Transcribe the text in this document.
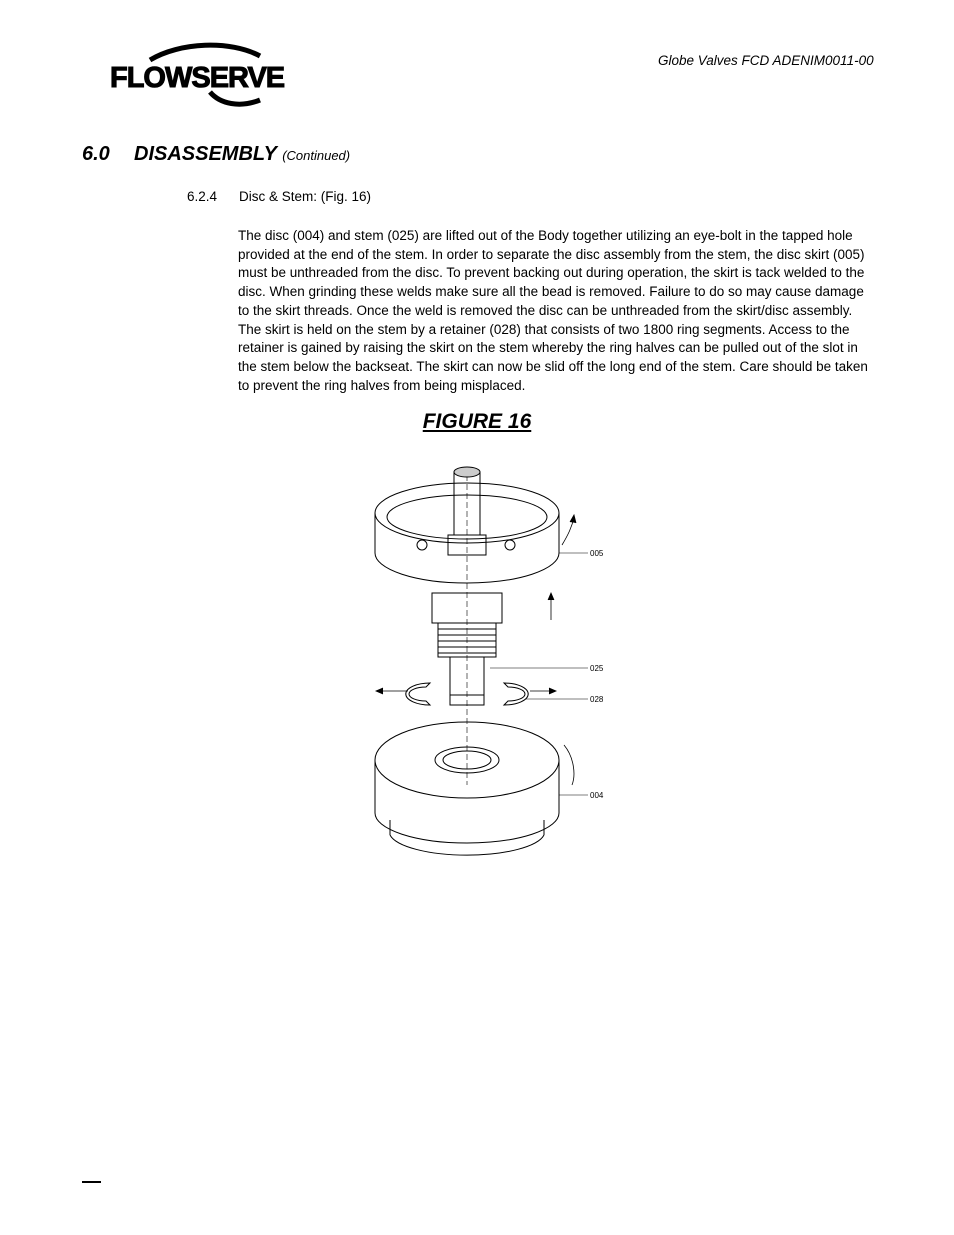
FLOWSERVE
Globe Valves FCD ADENIM0011-00
6.0 DISASSEMBLY (Continued)
6.2.4 Disc & Stem: (Fig. 16)
The disc (004) and stem (025) are lifted out of the Body together utilizing an eye-bolt in the tapped hole provided at the end of the stem. In order to separate the disc assembly from the stem, the disc skirt (005) must be unthreaded from the disc. To prevent backing out during operation, the skirt is tack welded to the disc. When grinding these welds make sure all the bead is removed. Failure to do so may cause damage to the skirt threads. Once the weld is removed the disc can be unthreaded from the skirt/disc assembly. The skirt is held on the stem by a retainer (028) that consists of two 1800 ring segments. Access to the retainer is gained by raising the skirt on the stem whereby the ring halves can be pulled out of the slot in the stem below the backseat. The skirt can now be slid off the long end of the stem. Care should be taken to prevent the ring halves from being misplaced.
FIGURE 16
005
025
028
004
